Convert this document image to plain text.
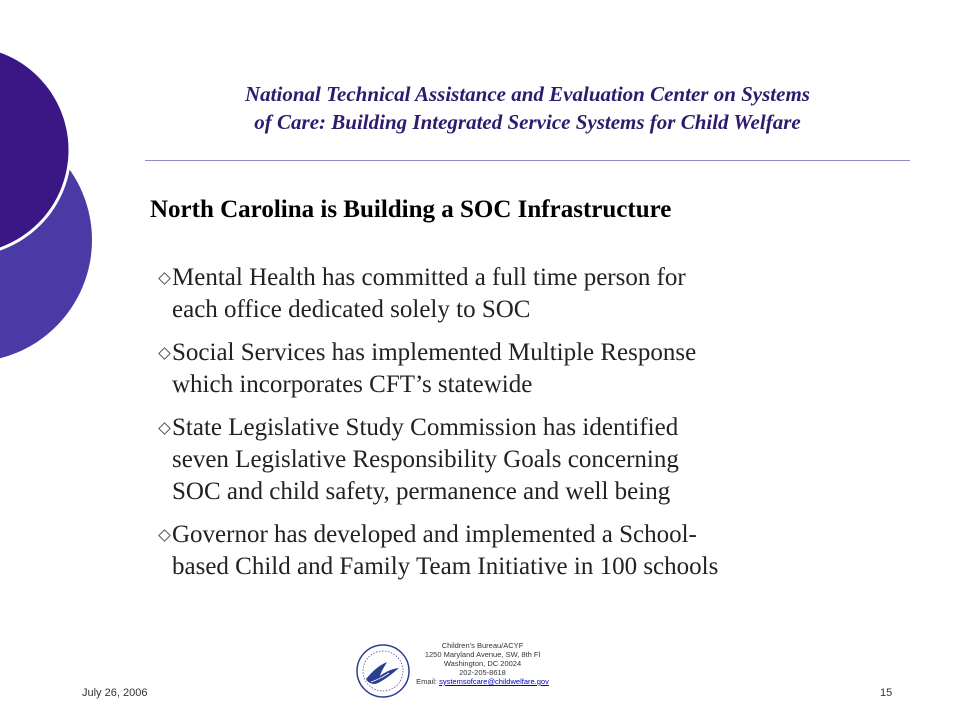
National Technical Assistance and Evaluation Center on Systems
of Care: Building Integrated Service Systems for Child Welfare
North Carolina is Building a SOC Infrastructure
Mental Health has committed a full time person for
each office dedicated solely to SOC
Social Services has implemented Multiple Response
which incorporates CFT’s statewide
State Legislative Study Commission has identified
seven Legislative Responsibility Goals concerning
SOC and child safety, permanence and well being
Governor has developed and implemented a School-
based Child and Family Team Initiative in 100 schools
July 26, 2006
Children’s Bureau/ACYF
1250 Maryland Avenue, SW, 8th Fl
Washington, DC 20024
202-205-8618
Email: systemsofcare@childwelfare.gov
15
